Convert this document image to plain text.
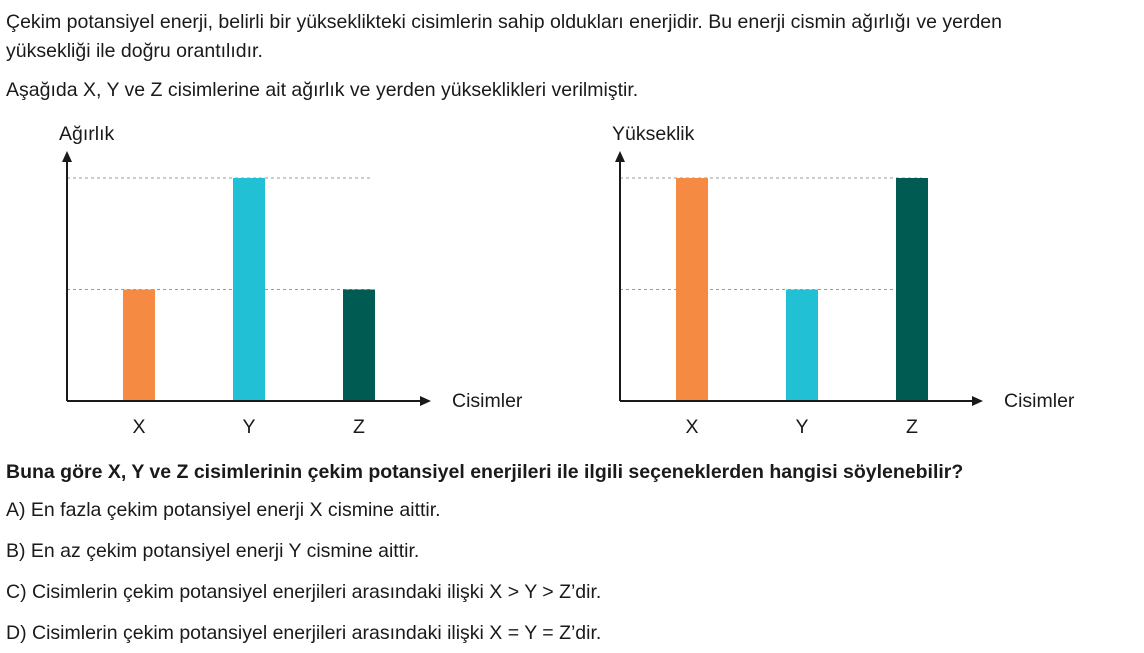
Çekim potansiyel enerji, belirli bir yükseklikteki cisimlerin sahip oldukları enerjidir. Bu enerji cismin ağırlığı ve yerden
yüksekliği ile doğru orantılıdır.
Aşağıda X, Y ve Z cisimlerine ait ağırlık ve yerden yükseklikleri verilmiştir.
Ağırlık
Cisimler
X	Y	Z
Yükseklik
Cisimler
X	Y	Z
Buna göre X, Y ve Z cisimlerinin çekim potansiyel enerjileri ile ilgili seçeneklerden hangisi söylenebilir?
A) En fazla çekim potansiyel enerji X cismine aittir.
B) En az çekim potansiyel enerji Y cismine aittir.
C) Cisimlerin çekim potansiyel enerjileri arasındaki ilişki X > Y > Z’dir.
D) Cisimlerin çekim potansiyel enerjileri arasındaki ilişki X = Y = Z’dir.
